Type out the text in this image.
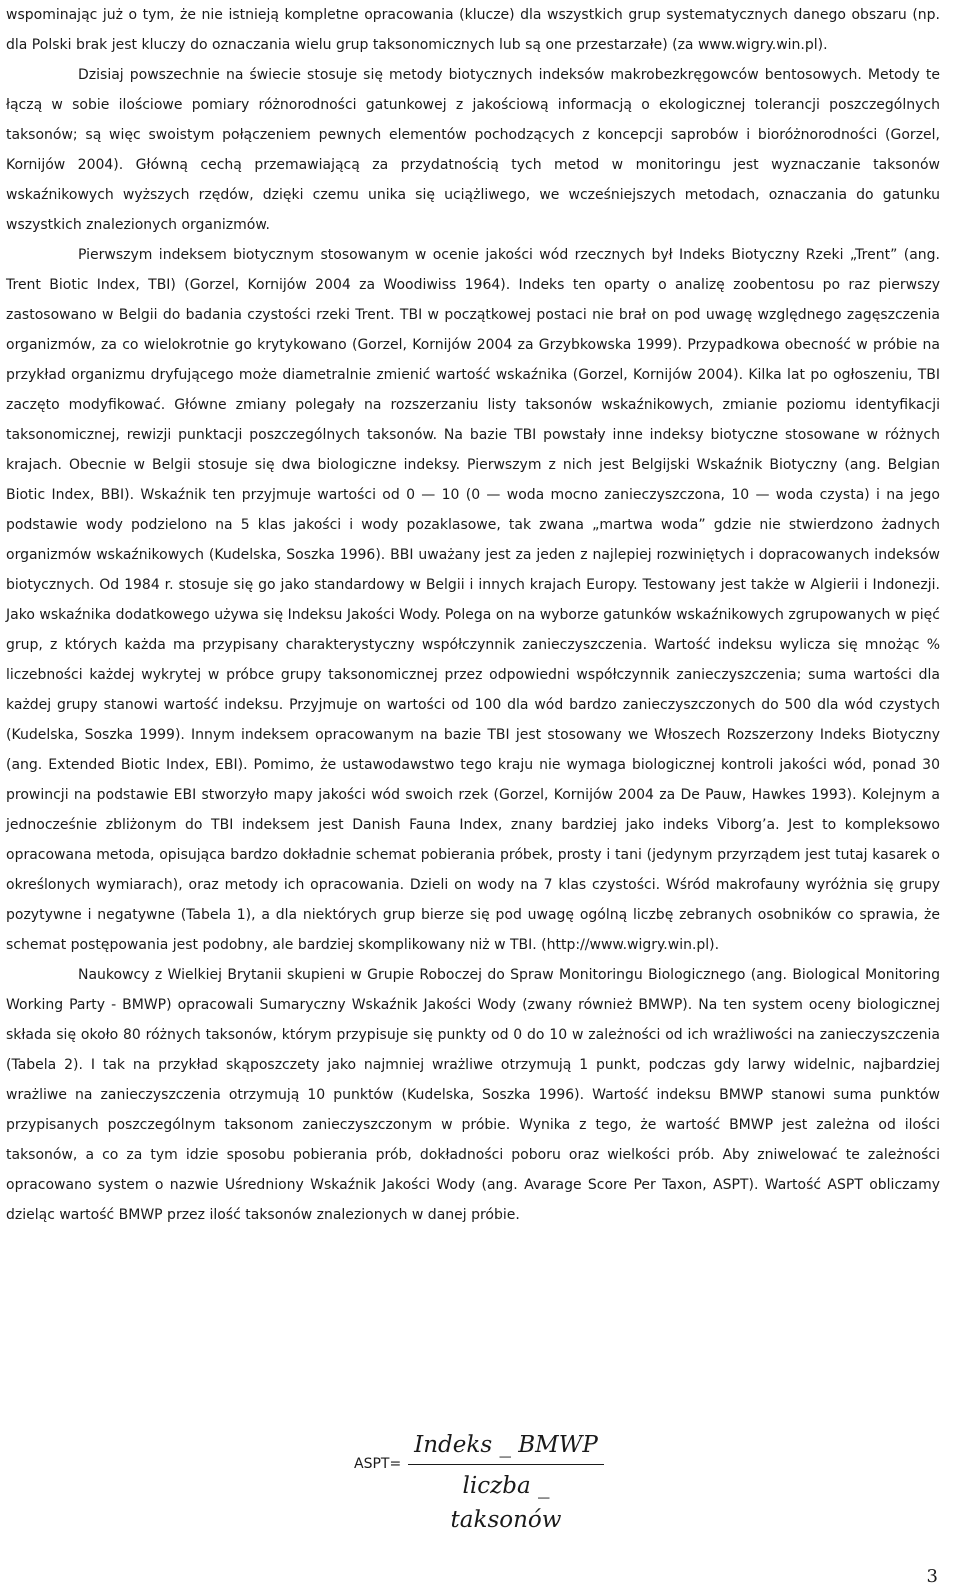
wspominając już o tym, że nie istnieją kompletne opracowania (klucze) dla wszystkich grup systematycznych danego obszaru (np. dla Polski brak jest kluczy do oznaczania wielu grup taksonomicznych lub są one przestarzałe) (za www.wigry.win.pl).

Dzisiaj powszechnie na świecie stosuje się metody biotycznych indeksów makrobezkręgowców bentosowych. Metody te łączą w sobie ilościowe pomiary różnorodności gatunkowej z jakościową informacją o ekologicznej tolerancji poszczególnych taksonów; są więc swoistym połączeniem pewnych elementów pochodzących z koncepcji saprobów i bioróżnorodności (Gorzel, Kornijów 2004). Główną cechą przemawiającą za przydatnością tych metod w monitoringu jest wyznaczanie taksonów wskaźnikowych wyższych rzędów, dzięki czemu unika się uciążliwego, we wcześniejszych metodach, oznaczania do gatunku wszystkich znalezionych organizmów.

Pierwszym indeksem biotycznym stosowanym w ocenie jakości wód rzecznych był Indeks Biotyczny Rzeki „Trent” (ang. Trent Biotic Index, TBI) (Gorzel, Kornijów 2004 za Woodiwiss 1964). Indeks ten oparty o analizę zoobentosu po raz pierwszy zastosowano w Belgii do badania czystości rzeki Trent. TBI w początkowej postaci nie brał on pod uwagę względnego zagęszczenia organizmów, za co wielokrotnie go krytykowano (Gorzel, Kornijów 2004 za Grzybkowska 1999). Przypadkowa obecność w próbie na przykład organizmu dryfującego może diametralnie zmienić wartość wskaźnika (Gorzel, Kornijów 2004). Kilka lat po ogłoszeniu, TBI zaczęto modyfikować. Główne zmiany polegały na rozszerzaniu listy taksonów wskaźnikowych, zmianie poziomu identyfikacji taksonomicznej, rewizji punktacji poszczególnych taksonów. Na bazie TBI powstały inne indeksy biotyczne stosowane w różnych krajach. Obecnie w Belgii stosuje się dwa biologiczne indeksy. Pierwszym z nich jest Belgijski Wskaźnik Biotyczny (ang. Belgian Biotic Index, BBI). Wskaźnik ten przyjmuje wartości od 0 — 10 (0 — woda mocno zanieczyszczona, 10 — woda czysta) i na jego podstawie wody podzielono na 5 klas jakości i wody pozaklasowe, tak zwana „martwa woda” gdzie nie stwierdzono żadnych organizmów wskaźnikowych (Kudelska, Soszka 1996). BBI uważany jest za jeden z najlepiej rozwiniętych i dopracowanych indeksów biotycznych. Od 1984 r. stosuje się go jako standardowy w Belgii i innych krajach Europy. Testowany jest także w Algierii i Indonezji. Jako wskaźnika dodatkowego używa się Indeksu Jakości Wody. Polega on na wyborze gatunków wskaźnikowych zgrupowanych w pięć grup, z których każda ma przypisany charakterystyczny współczynnik zanieczyszczenia. Wartość indeksu wylicza się mnożąc % liczebności każdej wykrytej w próbce grupy taksonomicznej przez odpowiedni współczynnik zanieczyszczenia; suma wartości dla każdej grupy stanowi wartość indeksu. Przyjmuje on wartości od 100 dla wód bardzo zanieczyszczonych do 500 dla wód czystych (Kudelska, Soszka 1999). Innym indeksem opracowanym na bazie TBI jest stosowany we Włoszech Rozszerzony Indeks Biotyczny (ang. Extended Biotic Index, EBI). Pomimo, że ustawodawstwo tego kraju nie wymaga biologicznej kontroli jakości wód, ponad 30 prowincji na podstawie EBI stworzyło mapy jakości wód swoich rzek (Gorzel, Kornijów 2004 za De Pauw, Hawkes 1993). Kolejnym a jednocześnie zbliżonym do TBI indeksem jest Danish Fauna Index, znany bardziej jako indeks Viborg’a. Jest to kompleksowo opracowana metoda, opisująca bardzo dokładnie schemat pobierania próbek, prosty i tani (jedynym przyrządem jest tutaj kasarek o określonych wymiarach), oraz metody ich opracowania. Dzieli on wody na 7 klas czystości. Wśród makrofauny wyróżnia się grupy pozytywne i negatywne (Tabela 1), a dla niektórych grup bierze się pod uwagę ogólną liczbę zebranych osobników co sprawia, że schemat postępowania jest podobny, ale bardziej skomplikowany niż w TBI. (http://www.wigry.win.pl).

Naukowcy z Wielkiej Brytanii skupieni w Grupie Roboczej do Spraw Monitoringu Biologicznego (ang. Biological Monitoring Working Party - BMWP) opracowali Sumaryczny Wskaźnik Jakości Wody (zwany również BMWP). Na ten system oceny biologicznej składa się około 80 różnych taksonów, którym przypisuje się punkty od 0 do 10 w zależności od ich wrażliwości na zanieczyszczenia (Tabela 2). I tak na przykład skąposzczety jako najmniej wrażliwe otrzymują 1 punkt, podczas gdy larwy widelnic, najbardziej wrażliwe na zanieczyszczenia otrzymują 10 punktów (Kudelska, Soszka 1996). Wartość indeksu BMWP stanowi suma punktów przypisanych poszczególnym taksonom zanieczyszczonym w próbie. Wynika z tego, że wartość BMWP jest zależna od ilości taksonów, a co za tym idzie sposobu pobierania prób, dokładności poboru oraz wielkości prób. Aby zniwelować te zależności opracowano system o nazwie Uśredniony Wskaźnik Jakości Wody (ang. Avarage Score Per Taxon, ASPT). Wartość ASPT obliczamy dzieląc wartość BMWP przez ilość taksonów znalezionych w danej próbie.

ASPT=
Indeks _ BMWP
liczba _ taksonów
3
